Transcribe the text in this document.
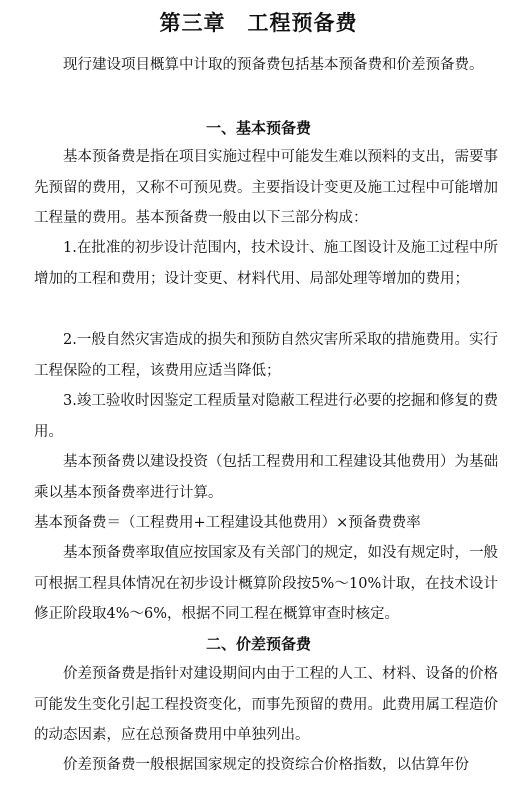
第三章　工程预备费

现行建设项目概算中计取的预备费包括基本预备费和价差预备费。

一、基本预备费

基本预备费是指在项目实施过程中可能发生难以预料的支出，需要事先预留的费用，又称不可预见费。主要指设计变更及施工过程中可能增加工程量的费用。基本预备费一般由以下三部分构成：

1.在批准的初步设计范围内，技术设计、施工图设计及施工过程中所增加的工程和费用；设计变更、材料代用、局部处理等增加的费用；

2.一般自然灾害造成的损失和预防自然灾害所采取的措施费用。实行工程保险的工程，该费用应适当降低；

3.竣工验收时因鉴定工程质量对隐蔽工程进行必要的挖掘和修复的费用。

基本预备费以建设投资（包括工程费用和工程建设其他费用）为基础乘以基本预备费率进行计算。

基本预备费＝（工程费用+工程建设其他费用）×预备费费率

基本预备费率取值应按国家及有关部门的规定，如没有规定时，一般可根据工程具体情况在初步设计概算阶段按5%～10%计取，在技术设计修正阶段取4%～6%，根据不同工程在概算审查时核定。

二、价差预备费

价差预备费是指针对建设期间内由于工程的人工、材料、设备的价格可能发生变化引起工程投资变化，而事先预留的费用。此费用属工程造价的动态因素，应在总预备费用中单独列出。

价差预备费一般根据国家规定的投资综合价格指数，以估算年份
